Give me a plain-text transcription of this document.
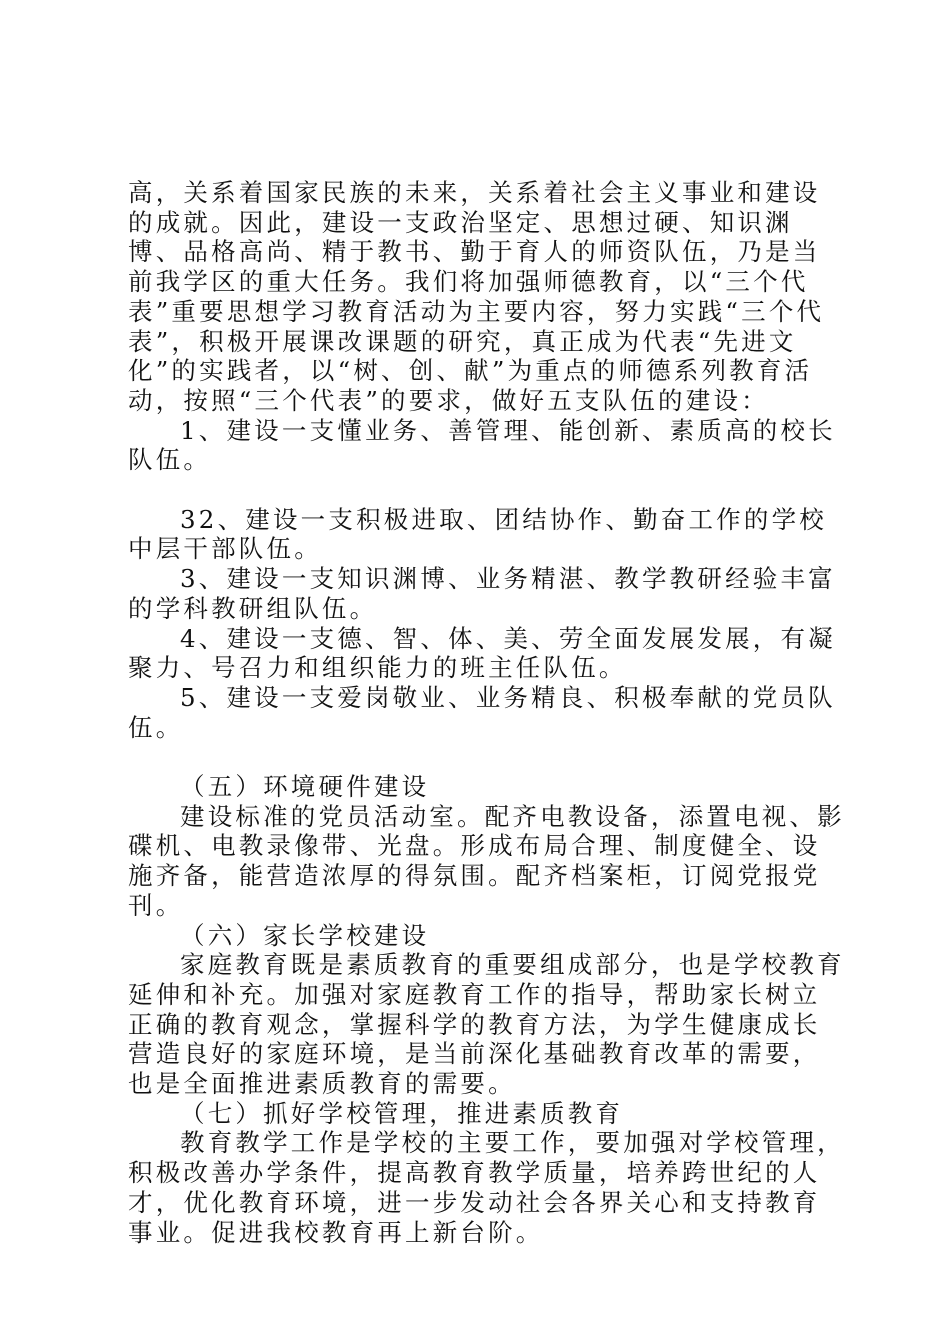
高，关系着国家民族的未来，关系着社会主义事业和建设的成就。因此，建设一支政治坚定、思想过硬、知识渊博、品格高尚、精于教书、勤于育人的师资队伍，乃是当前我学区的重大任务。我们将加强师德教育，以“三个代表”重要思想学习教育活动为主要内容，努力实践“三个代表”，积极开展课改课题的研究，真正成为代表“先进文化”的实践者，以“树、创、献”为重点的师德系列教育活动，按照“三个代表”的要求，做好五支队伍的建设：

1、建设一支懂业务、善管理、能创新、素质高的校长队伍。

32、建设一支积极进取、团结协作、勤奋工作的学校中层干部队伍。

3、建设一支知识渊博、业务精湛、教学教研经验丰富的学科教研组队伍。

4、建设一支德、智、体、美、劳全面发展发展，有凝聚力、号召力和组织能力的班主任队伍。

5、建设一支爱岗敬业、业务精良、积极奉献的党员队伍。

（五）环境硬件建设

建设标准的党员活动室。配齐电教设备，添置电视、影碟机、电教录像带、光盘。形成布局合理、制度健全、设施齐备，能营造浓厚的得氛围。配齐档案柜，订阅党报党刊。

（六）家长学校建设

家庭教育既是素质教育的重要组成部分，也是学校教育延伸和补充。加强对家庭教育工作的指导，帮助家长树立正确的教育观念，掌握科学的教育方法，为学生健康成长营造良好的家庭环境，是当前深化基础教育改革的需要，也是全面推进素质教育的需要。

（七）抓好学校管理，推进素质教育

教育教学工作是学校的主要工作，要加强对学校管理，积极改善办学条件，提高教育教学质量，培养跨世纪的人才，优化教育环境，进一步发动社会各界关心和支持教育事业。促进我校教育再上新台阶。
